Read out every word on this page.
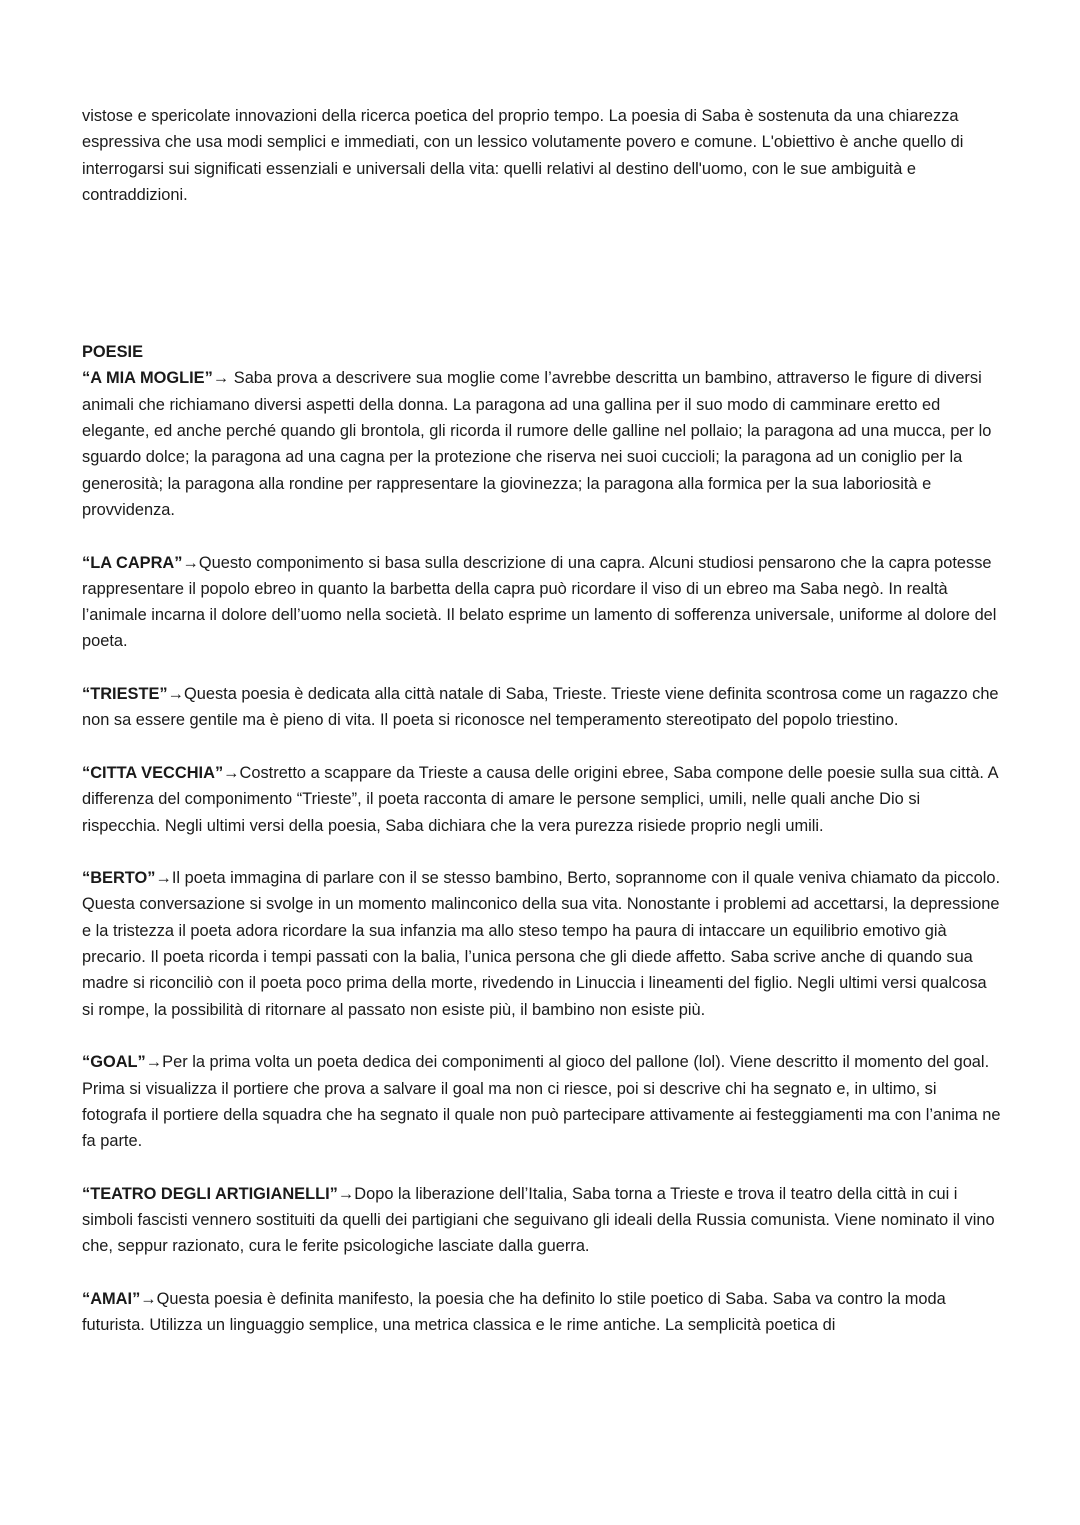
vistose e spericolate innovazioni della ricerca poetica del proprio tempo. La poesia di Saba è sostenuta da una chiarezza espressiva che usa modi semplici e immediati, con un lessico volutamente povero e comune. L'obiettivo è anche quello di interrogarsi sui significati essenziali e universali della vita: quelli relativi al destino dell'uomo, con le sue ambiguità e contraddizioni.

POESIE

“A MIA MOGLIE”→ Saba prova a descrivere sua moglie come l’avrebbe descritta un bambino, attraverso le figure di diversi animali che richiamano diversi aspetti della donna. La paragona ad una gallina per il suo modo di camminare eretto ed elegante, ed anche perché quando gli brontola, gli ricorda il rumore delle galline nel pollaio; la paragona ad una mucca, per lo sguardo dolce; la paragona ad una cagna per la protezione che riserva nei suoi cuccioli; la paragona ad un coniglio per la generosità; la paragona alla rondine per rappresentare la giovinezza; la paragona alla formica per la sua laboriosità e provvidenza.

“LA CAPRA”→Questo componimento si basa sulla descrizione di una capra. Alcuni studiosi pensarono che la capra potesse rappresentare il popolo ebreo in quanto la barbetta della capra può ricordare il viso di un ebreo ma Saba negò. In realtà l’animale incarna il dolore dell’uomo nella società. Il belato esprime un lamento di sofferenza universale, uniforme al dolore del poeta.

“TRIESTE”→Questa poesia è dedicata alla città natale di Saba, Trieste. Trieste viene definita scontrosa come un ragazzo che non sa essere gentile ma è pieno di vita. Il poeta si riconosce nel temperamento stereotipato del popolo triestino.

“CITTA VECCHIA”→Costretto a scappare da Trieste a causa delle origini ebree, Saba compone delle poesie sulla sua città. A differenza del componimento “Trieste”, il poeta racconta di amare le persone semplici, umili, nelle quali anche Dio si rispecchia. Negli ultimi versi della poesia, Saba dichiara che la vera purezza risiede proprio negli umili.

“BERTO”→Il poeta immagina di parlare con il se stesso bambino, Berto, soprannome con il quale veniva chiamato da piccolo. Questa conversazione si svolge in un momento malinconico della sua vita. Nonostante i problemi ad accettarsi, la depressione e la tristezza il poeta adora ricordare la sua infanzia ma allo steso tempo ha paura di intaccare un equilibrio emotivo già precario. Il poeta ricorda i tempi passati con la balia, l’unica persona che gli diede affetto. Saba scrive anche di quando sua madre si riconciliò con il poeta poco prima della morte, rivedendo in Linuccia i lineamenti del figlio. Negli ultimi versi qualcosa si rompe, la possibilità di ritornare al passato non esiste più, il bambino non esiste più.

“GOAL”→Per la prima volta un poeta dedica dei componimenti al gioco del pallone (lol). Viene descritto il momento del goal. Prima si visualizza il portiere che prova a salvare il goal ma non ci riesce, poi si descrive chi ha segnato e, in ultimo, si fotografa il portiere della squadra che ha segnato il quale non può partecipare attivamente ai festeggiamenti ma con l’anima ne fa parte.

“TEATRO DEGLI ARTIGIANELLI”→Dopo la liberazione dell’Italia, Saba torna a Trieste e trova il teatro della città in cui i simboli fascisti vennero sostituiti da quelli dei partigiani che seguivano gli ideali della Russia comunista. Viene nominato il vino che, seppur razionato, cura le ferite psicologiche lasciate dalla guerra.

“AMAI”→Questa poesia è definita manifesto, la poesia che ha definito lo stile poetico di Saba. Saba va contro la moda futurista. Utilizza un linguaggio semplice, una metrica classica e le rime antiche. La semplicità poetica di
